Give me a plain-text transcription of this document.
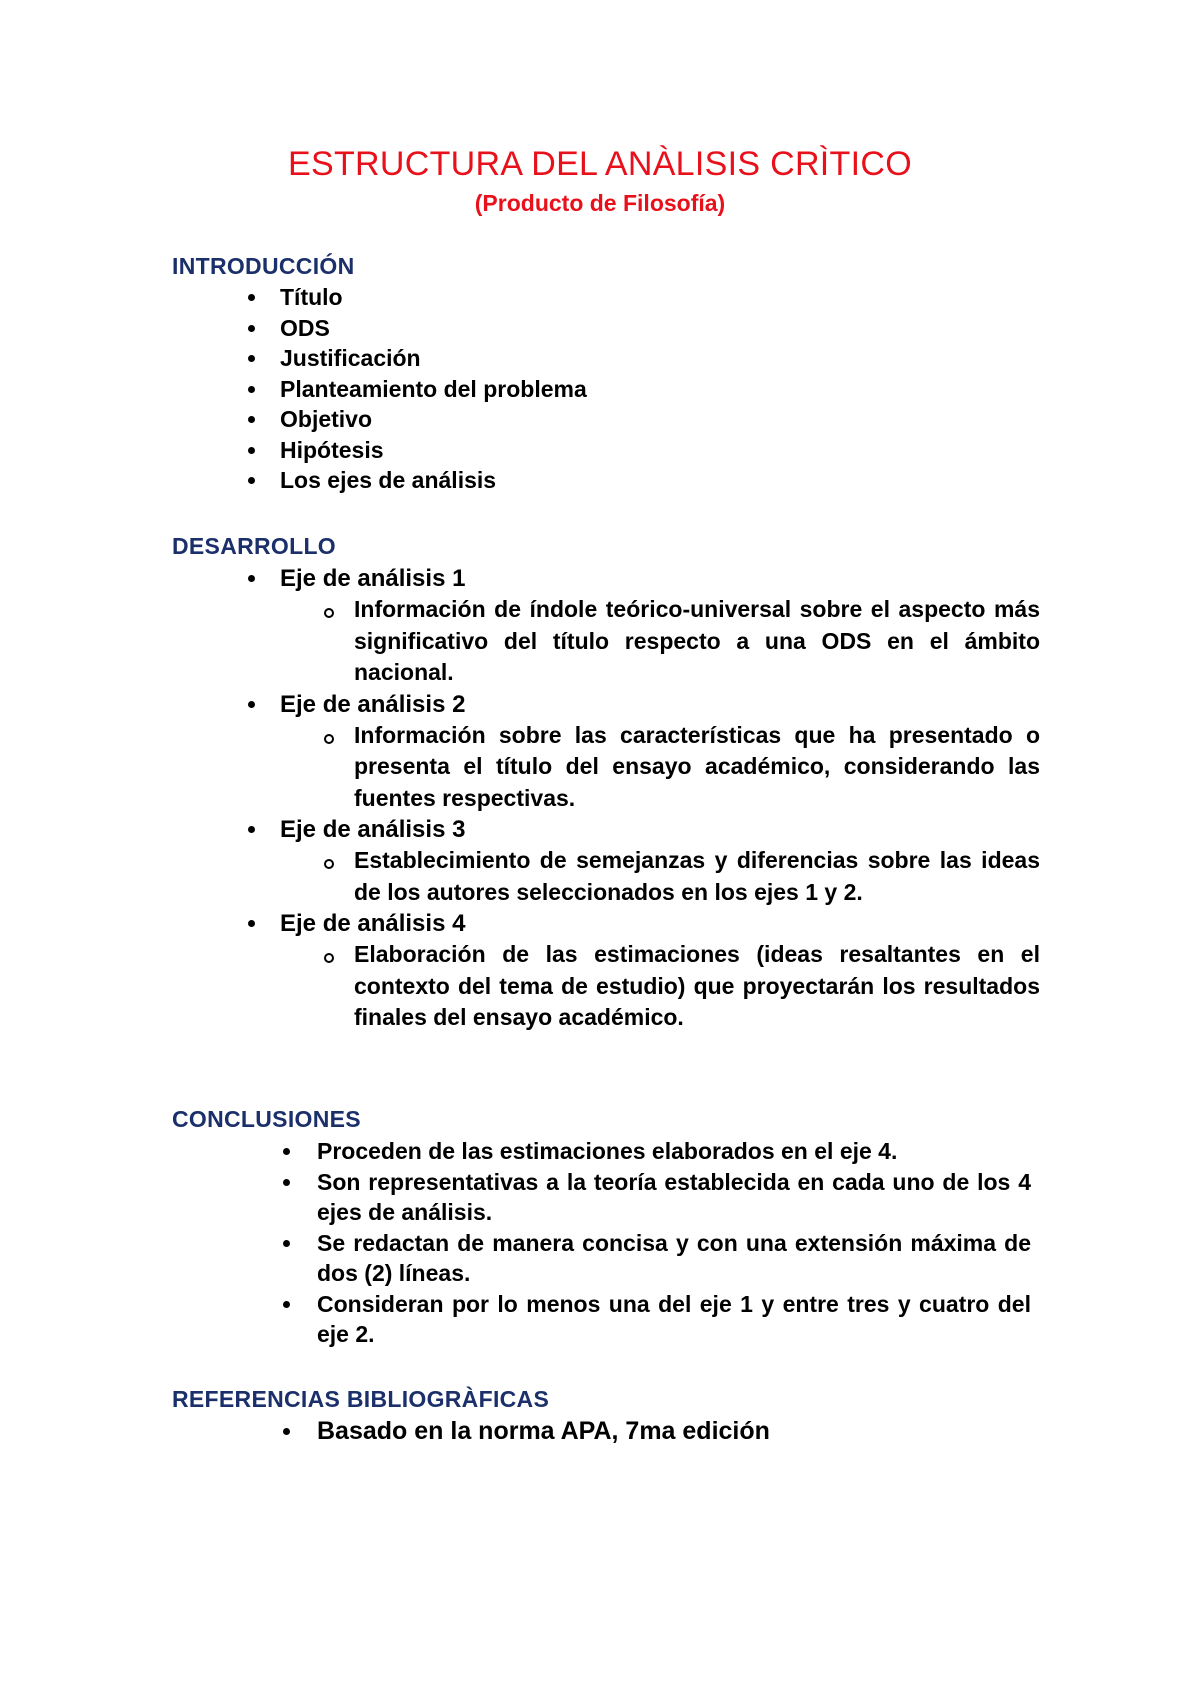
ESTRUCTURA DEL ANÀLISIS CRÌTICO
(Producto de Filosofía)
INTRODUCCIÓN
Título
ODS
Justificación
Planteamiento del problema
Objetivo
Hipótesis
Los ejes de análisis
DESARROLLO
Eje de análisis 1
Información de índole teórico-universal sobre el aspecto más significativo del título respecto a una ODS en el ámbito nacional.
Eje de análisis 2
Información sobre las características que ha presentado o presenta el título del ensayo académico, considerando las fuentes respectivas.
Eje de análisis 3
Establecimiento de semejanzas y diferencias sobre las ideas de los autores seleccionados en los ejes 1 y 2.
Eje de análisis 4
Elaboración de las estimaciones (ideas resaltantes en el contexto del tema de estudio) que proyectarán los resultados finales del ensayo académico.
CONCLUSIONES
Proceden de las estimaciones elaborados en el eje 4.
Son representativas a la teoría establecida en cada uno de los 4 ejes de análisis.
Se redactan de manera concisa y con una extensión máxima de dos (2) líneas.
Consideran por lo menos una del eje 1 y entre tres y cuatro del eje 2.
REFERENCIAS BIBLIOGRÀFICAS
Basado en la norma APA, 7ma edición
